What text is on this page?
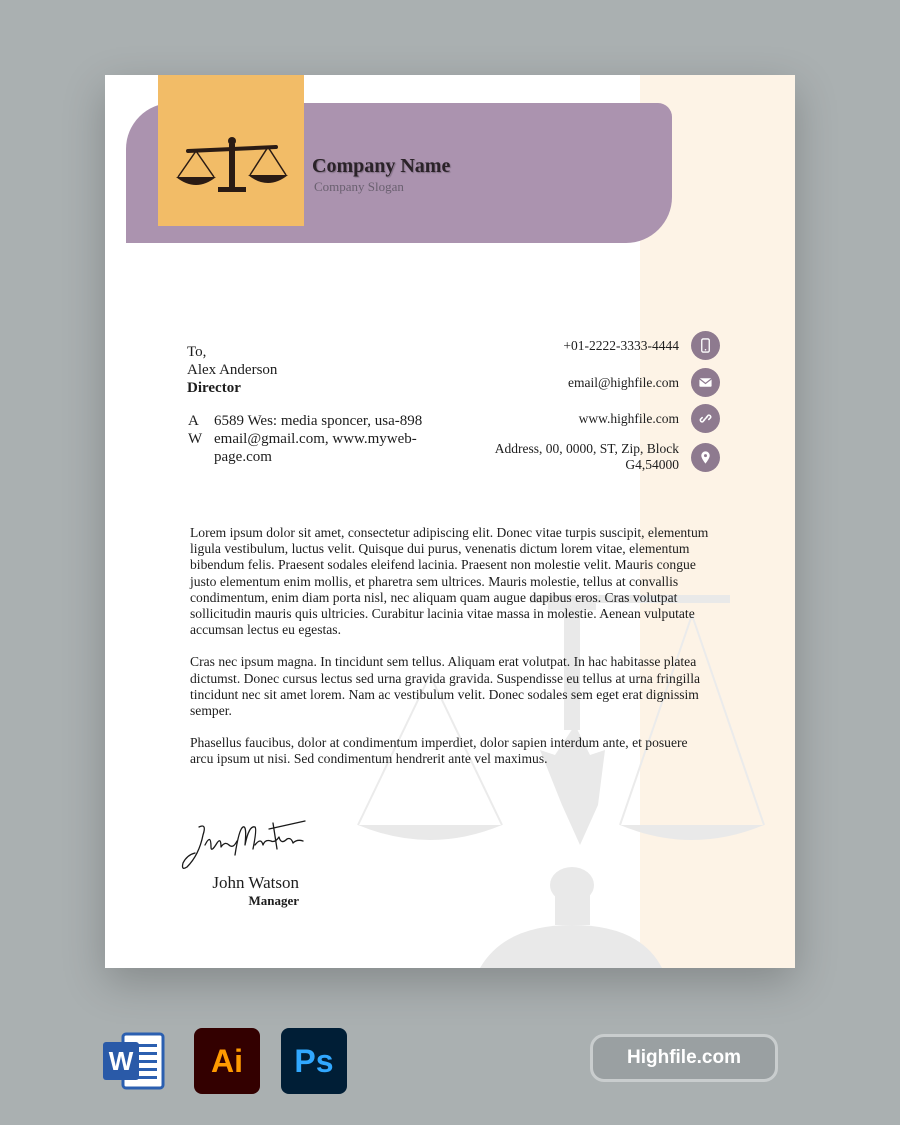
Company Name
Company Slogan
To,
Alex Anderson
Director
A	6589 Wes: media sponcer, usa-898
W email@gmail.com, www.myweb-page.com
+01-2222-3333-4444
email@highfile.com
www.highfile.com
Address, 00, 0000, ST, Zip, Block G4,54000

Lorem ipsum dolor sit amet, consectetur adipiscing elit. Donec vitae turpis suscipit, elementum ligula vestibulum, luctus velit. Quisque dui purus, venenatis dictum lorem vitae, elementum bibendum felis. Praesent sodales eleifend lacinia. Praesent non molestie velit. Mauris congue justo elementum enim mollis, et pharetra sem ultrices. Mauris molestie, tellus at convallis condimentum, enim diam porta nisl, nec aliquam quam augue dapibus eros. Cras volutpat sollicitudin mauris quis ultricies. Curabitur lacinia vitae massa in molestie. Aenean vulputate accumsan lectus eu egestas.

Cras nec ipsum magna. In tincidunt sem tellus. Aliquam erat volutpat. In hac habitasse platea dictumst. Donec cursus lectus sed urna gravida gravida. Suspendisse eu tellus at urna fringilla tincidunt nec sit amet lorem. Nam ac vestibulum velit. Donec sodales sem eget erat dignissim semper.

Phasellus faucibus, dolor at condimentum imperdiet, dolor sapien interdum ante, et posuere arcu ipsum ut nisi. Sed condimentum hendrerit ante vel maximus.

John Watson
Manager
W	Ai	Ps	Highfile.com
